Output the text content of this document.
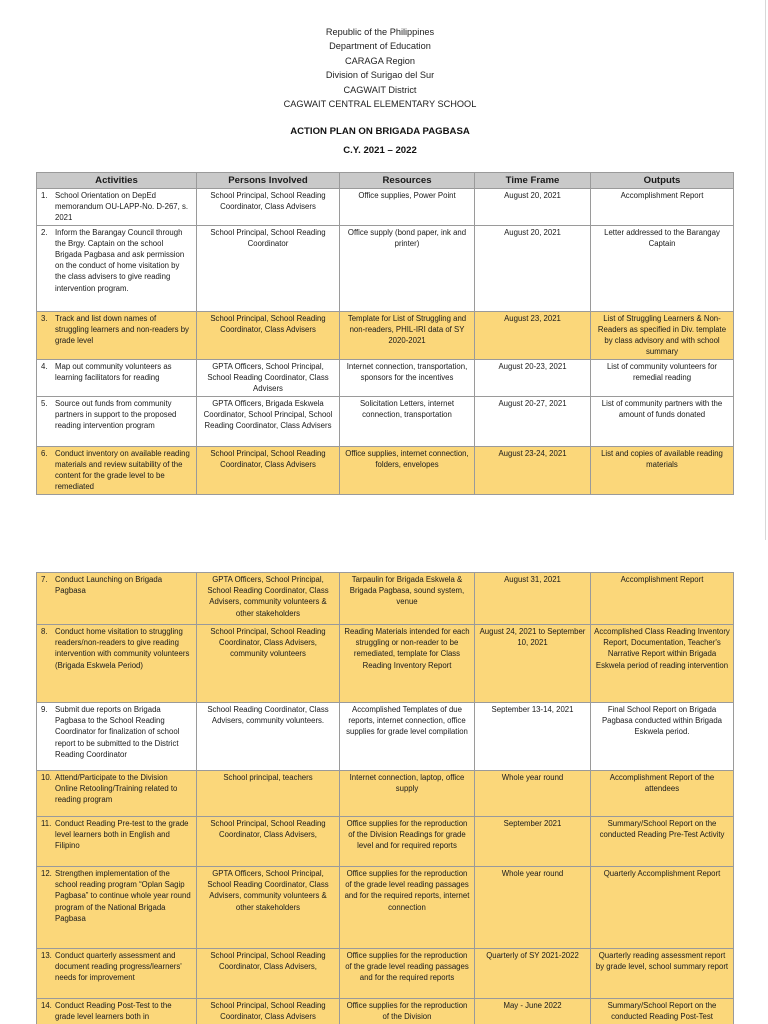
Republic of the Philippines
Department of Education
CARAGA Region
Division of Surigao del Sur
CAGWAIT District
CAGWAIT CENTRAL ELEMENTARY SCHOOL
ACTION PLAN ON BRIGADA PAGBASA
C.Y. 2021 – 2022
Activities	Persons Involved	Resources	Time Frame	Outputs
1. School Orientation on DepEd memorandum OU-LAPP-No. D-267, s. 2021	School Principal, School Reading Coordinator, Class Advisers	Office supplies, Power Point	August 20, 2021	Accomplishment Report
2. Inform the Barangay Council through the Brgy. Captain on the school Brigada Pagbasa and ask permission on the conduct of home visitation by the class advisers to give reading intervention program.	School Principal, School Reading Coordinator	Office supply (bond paper, ink and printer)	August 20, 2021	Letter addressed to the Barangay Captain
3. Track and list down names of struggling learners and non-readers by grade level	School Principal, School Reading Coordinator, Class Advisers	Template for List of Struggling and non-readers, PHIL-IRI data of SY 2020-2021	August 23, 2021	List of Struggling Learners & Non- Readers as specified in Div. template by class advisory and with school summary
4. Map out community volunteers as learning facilitators for reading	GPTA Officers, School Principal, School Reading Coordinator, Class Advisers	Internet connection, transportation, sponsors for the incentives	August 20-23, 2021	List of community volunteers for remedial reading
5. Source out funds from community partners in support to the proposed reading intervention program	GPTA Officers, Brigada Eskwela Coordinator, School Principal, School Reading Coordinator, Class Advisers	Solicitation Letters, internet connection, transportation	August 20-27, 2021	List of community partners with the amount of funds donated
6. Conduct inventory on available reading materials and review suitability of the content for the grade level to be remediated	School Principal, School Reading Coordinator, Class Advisers	Office supplies, internet connection, folders, envelopes	August 23-24, 2021	List and copies of available reading materials
7. Conduct Launching on Brigada Pagbasa	GPTA Officers, School Principal, School Reading Coordinator, Class Advisers, community volunteers & other stakeholders	Tarpaulin for Brigada Eskwela & Brigada Pagbasa, sound system, venue	August 31, 2021	Accomplishment Report
8. Conduct home visitation to struggling readers/non-readers to give reading intervention with community volunteers (Brigada Eskwela Period)	School Principal, School Reading Coordinator, Class Advisers, community volunteers	Reading Materials intended for each struggling or non-reader to be remediated, template for Class Reading Inventory Report	August 24, 2021 to September 10, 2021	Accomplished Class Reading Inventory Report, Documentation, Teacher's Narrative Report within Brigada Eskwela period of reading intervention
9. Submit due reports on Brigada Pagbasa to the School Reading Coordinator for finalization of school report to be submitted to the District Reading Coordinator	School Reading Coordinator, Class Advisers, community volunteers.	Accomplished Templates of due reports, internet connection, office supplies for grade level compilation	September 13-14, 2021	Final School Report on Brigada Pagbasa conducted within Brigada Eskwela period.
10. Attend/Participate to the Division Online Retooling/Training related to reading program	School principal, teachers	Internet connection, laptop, office supply	Whole year round	Accomplishment Report of the attendees
11. Conduct Reading Pre-test to the grade level learners both in English and Filipino	School Principal, School Reading Coordinator, Class Advisers,	Office supplies for the reproduction of the Division Readings for grade level and for required reports	September 2021	Summary/School Report on the conducted Reading Pre-Test Activity
12. Strengthen implementation of the school reading program “Oplan Sagip Pagbasa” to continue whole year round program of the National Brigada Pagbasa	GPTA Officers, School Principal, School Reading Coordinator, Class Advisers, community volunteers & other stakeholders	Office supplies for the reproduction of the grade level reading passages and for the required reports, internet connection	Whole year round	Quarterly Accomplishment Report
13. Conduct quarterly assessment and document reading progress/learners' needs for improvement	School Principal, School Reading Coordinator, Class Advisers,	Office supplies for the reproduction of the grade level reading passages and for the required reports	Quarterly of SY 2021-2022	Quarterly reading assessment report by grade level, school summary report
14. Conduct Reading Post-Test to the grade level learners both in	School Principal, School Reading Coordinator, Class Advisers	Office supplies for the reproduction of the Division	May - June 2022	Summary/School Report on the conducted Reading Post-Test
